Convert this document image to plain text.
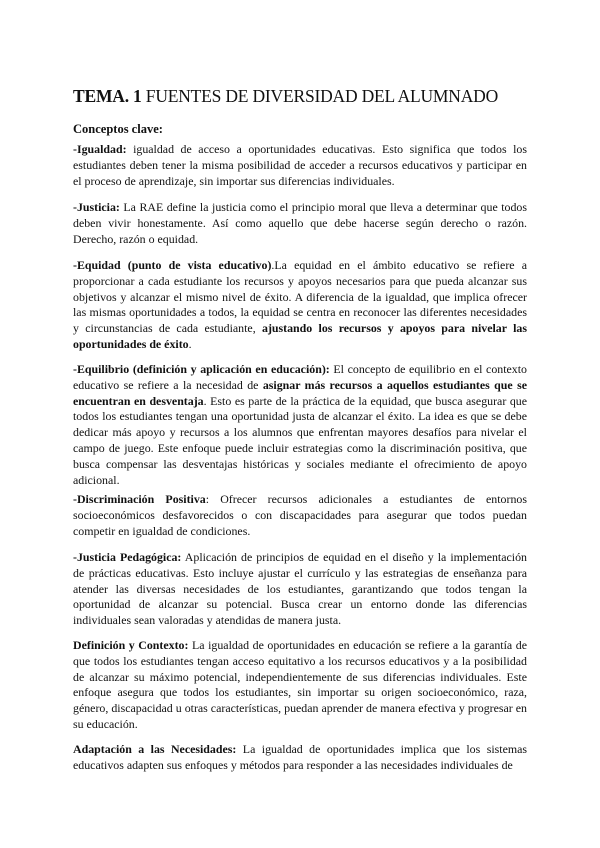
TEMA. 1 FUENTES DE DIVERSIDAD DEL ALUMNADO
Conceptos clave:

-Igualdad: igualdad de acceso a oportunidades educativas. Esto significa que todos los estudiantes deben tener la misma posibilidad de acceder a recursos educativos y participar en el proceso de aprendizaje, sin importar sus diferencias individuales.

-Justicia: La RAE define la justicia como el principio moral que lleva a determinar que todos deben vivir honestamente. Así como aquello que debe hacerse según derecho o razón. Derecho, razón o equidad.

-Equidad (punto de vista educativo).La equidad en el ámbito educativo se refiere a proporcionar a cada estudiante los recursos y apoyos necesarios para que pueda alcanzar sus objetivos y alcanzar el mismo nivel de éxito. A diferencia de la igualdad, que implica ofrecer las mismas oportunidades a todos, la equidad se centra en reconocer las diferentes necesidades y circunstancias de cada estudiante, ajustando los recursos y apoyos para nivelar las oportunidades de éxito.

-Equilibrio (definición y aplicación en educación): El concepto de equilibrio en el contexto educativo se refiere a la necesidad de asignar más recursos a aquellos estudiantes que se encuentran en desventaja. Esto es parte de la práctica de la equidad, que busca asegurar que todos los estudiantes tengan una oportunidad justa de alcanzar el éxito. La idea es que se debe dedicar más apoyo y recursos a los alumnos que enfrentan mayores desafíos para nivelar el campo de juego. Este enfoque puede incluir estrategias como la discriminación positiva, que busca compensar las desventajas históricas y sociales mediante el ofrecimiento de apoyo adicional.

-Discriminación Positiva: Ofrecer recursos adicionales a estudiantes de entornos socioeconómicos desfavorecidos o con discapacidades para asegurar que todos puedan competir en igualdad de condiciones.

-Justicia Pedagógica: Aplicación de principios de equidad en el diseño y la implementación de prácticas educativas. Esto incluye ajustar el currículo y las estrategias de enseñanza para atender las diversas necesidades de los estudiantes, garantizando que todos tengan la oportunidad de alcanzar su potencial. Busca crear un entorno donde las diferencias individuales sean valoradas y atendidas de manera justa.

Definición y Contexto: La igualdad de oportunidades en educación se refiere a la garantía de que todos los estudiantes tengan acceso equitativo a los recursos educativos y a la posibilidad de alcanzar su máximo potencial, independientemente de sus diferencias individuales. Este enfoque asegura que todos los estudiantes, sin importar su origen socioeconómico, raza, género, discapacidad u otras características, puedan aprender de manera efectiva y progresar en su educación.

Adaptación a las Necesidades: La igualdad de oportunidades implica que los sistemas educativos adapten sus enfoques y métodos para responder a las necesidades individuales de
